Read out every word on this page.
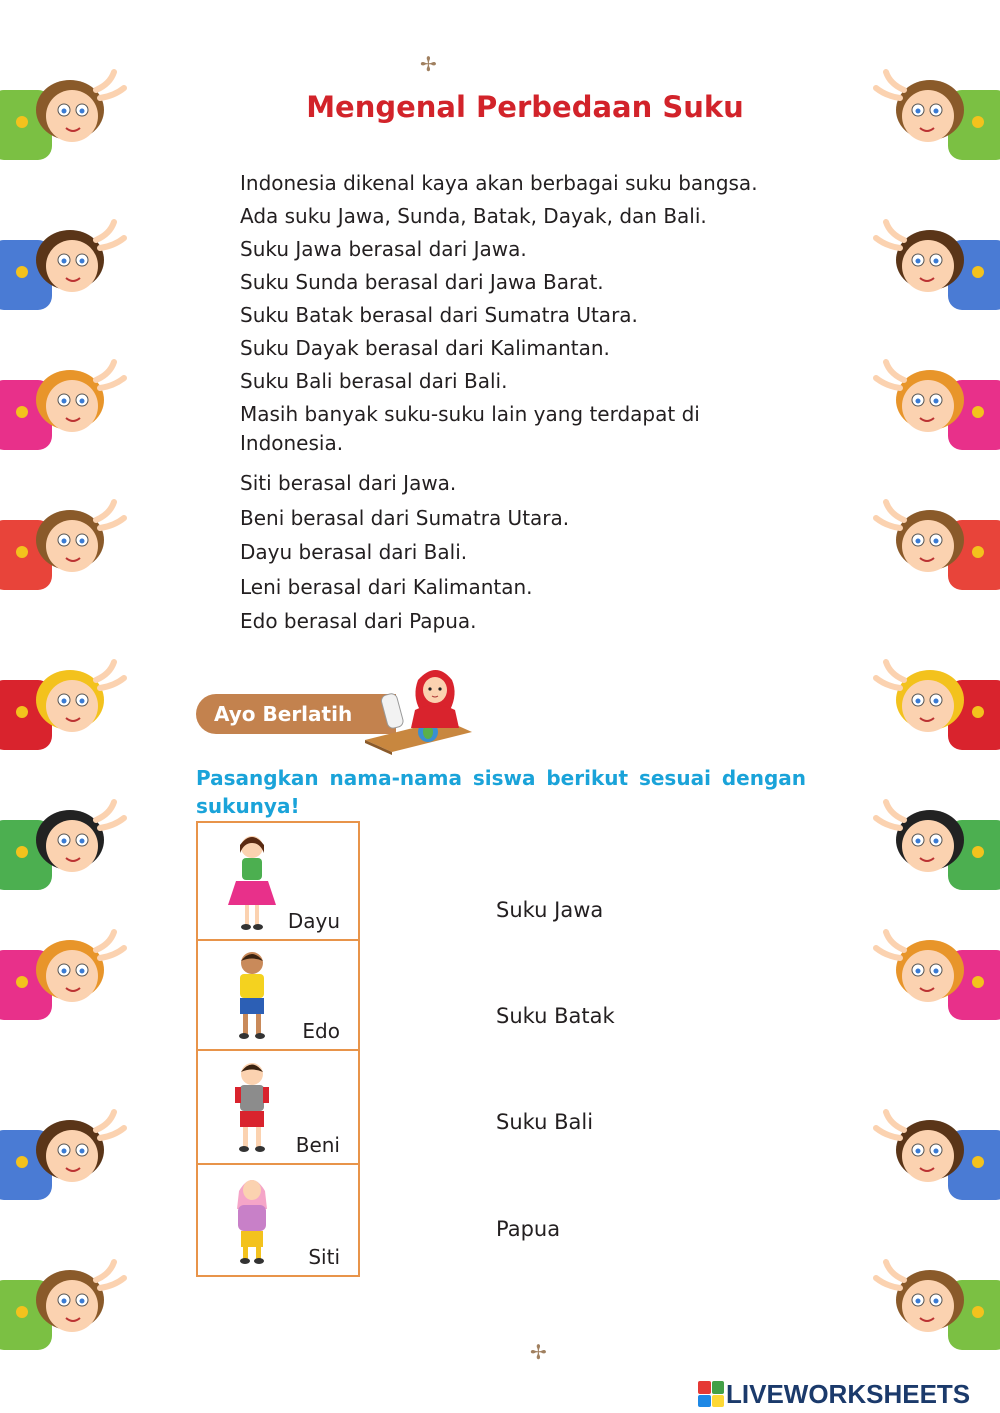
✢
✢
Mengenal Perbedaan Suku

Indonesia dikenal kaya akan berbagai suku bangsa.

Ada suku Jawa, Sunda, Batak, Dayak, dan Bali.

Suku Jawa berasal dari Jawa.

Suku Sunda berasal dari Jawa Barat.

Suku Batak berasal dari Sumatra Utara.

Suku Dayak berasal dari Kalimantan.

Suku Bali berasal dari Bali.

Masih banyak suku-suku lain yang terdapat di Indonesia.

Siti berasal dari Jawa.

Beni berasal dari Sumatra Utara.

Dayu berasal dari Bali.

Leni berasal dari Kalimantan.

Edo berasal dari Papua.

Ayo Berlatih

Pasangkan nama-nama siswa berikut sesuai dengan sukunya!

Dayu
Edo
Beni
Siti
Suku Jawa
Suku Batak
Suku Bali
Papua
LIVEWORKSHEETS
